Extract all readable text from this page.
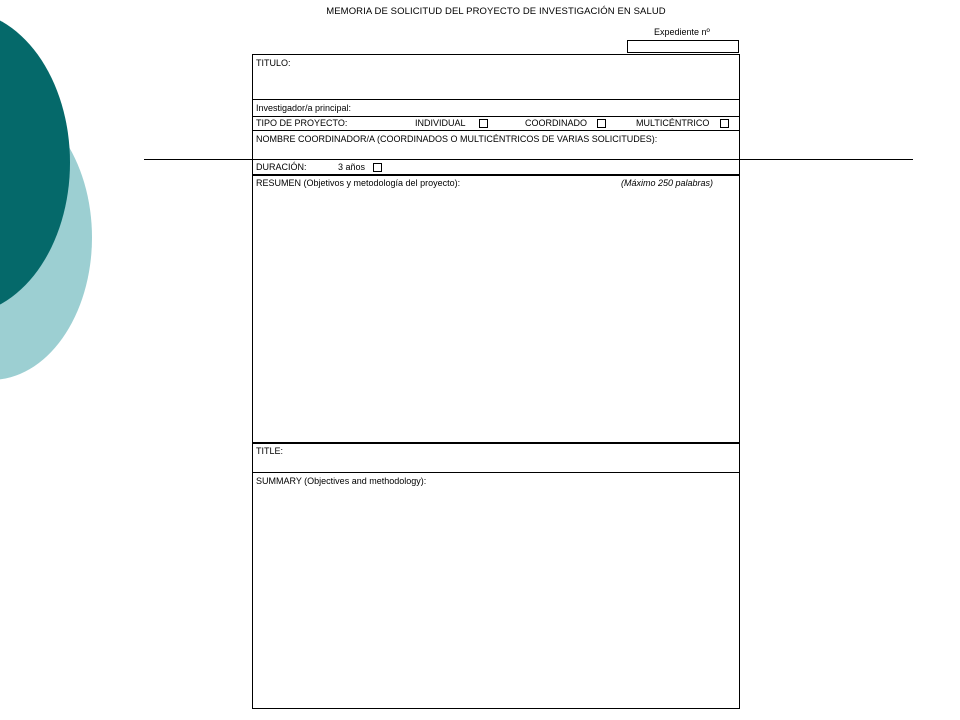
MEMORIA DE SOLICITUD DEL PROYECTO DE INVESTIGACIÓN EN SALUD
Expediente nº
TITULO:
Investigador/a principal:
TIPO DE PROYECTO:	INDIVIDUAL	COORDINADO	MULTICÉNTRICO
NOMBRE COORDINADOR/A (COORDINADOS O MULTICÉNTRICOS DE VARIAS SOLICITUDES):
DURACIÓN:	3 años
RESUMEN (Objetivos y metodología del proyecto):	(Máximo 250 palabras)
TITLE:
SUMMARY (Objectives and methodology):
